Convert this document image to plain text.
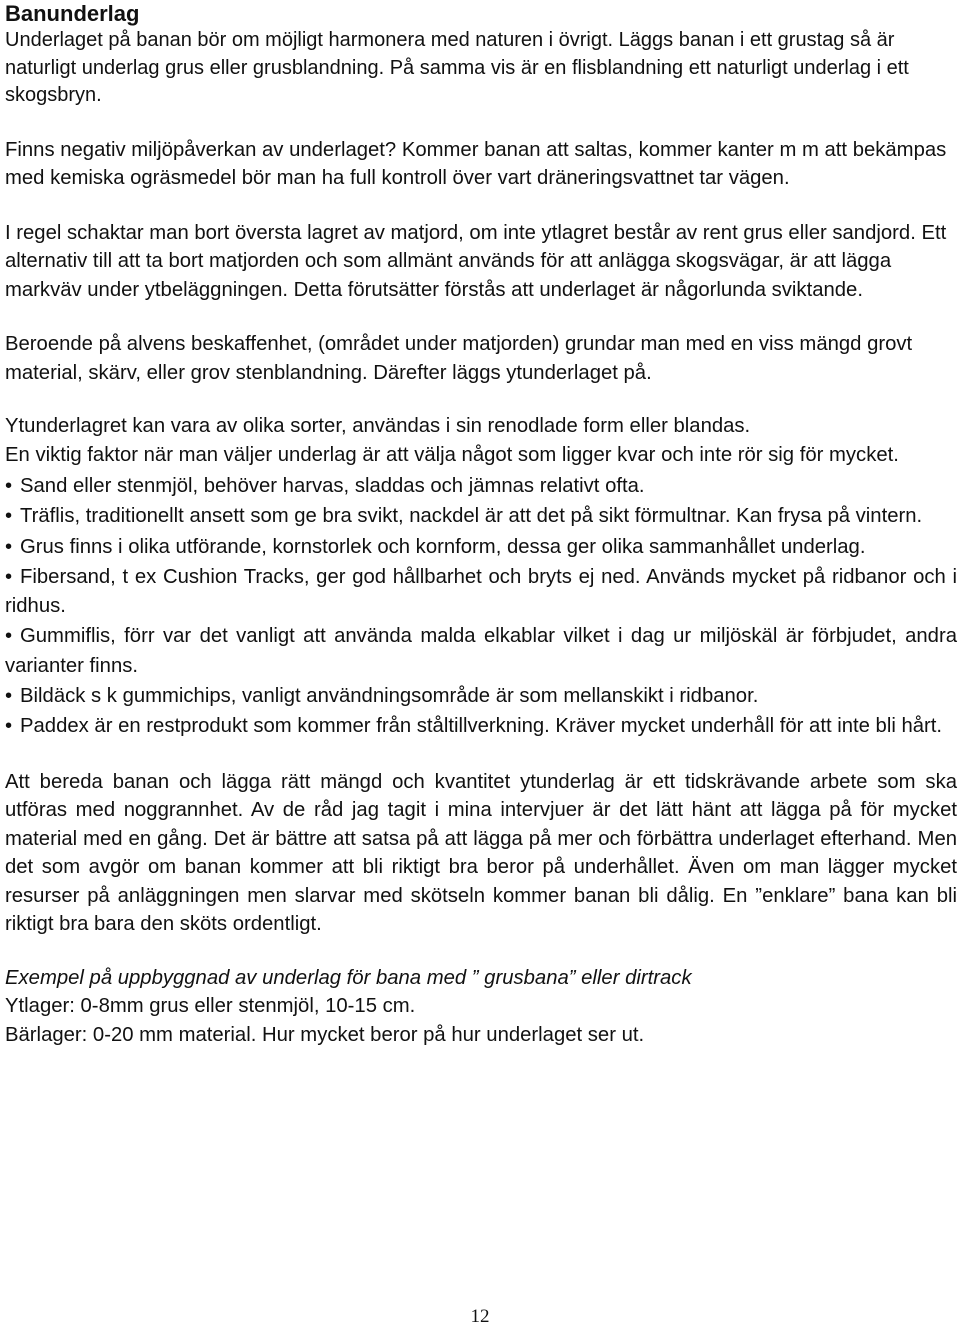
Banunderlag

Underlaget på banan bör om möjligt harmonera med naturen i övrigt. Läggs banan i ett grustag så är naturligt underlag grus eller grusblandning. På samma vis är en flisblandning ett naturligt underlag i ett skogsbryn.

Finns negativ miljöpåverkan av underlaget? Kommer banan att saltas, kommer kanter m m att bekämpas med kemiska ogräsmedel bör man ha full kontroll över vart dräneringsvattnet tar vägen.

I regel schaktar man bort översta lagret av matjord, om inte ytlagret består av rent grus eller sandjord. Ett alternativ till att ta bort matjorden och som allmänt används för att anlägga skogsvägar, är att lägga markväv under ytbeläggningen. Detta förutsätter förstås att underlaget är någorlunda sviktande.

Beroende på alvens beskaffenhet, (området under matjorden) grundar man med en viss mängd grovt material, skärv, eller grov stenblandning. Därefter läggs ytunderlaget på.

Ytunderlagret kan vara av olika sorter, användas i sin renodlade form eller blandas.

En viktig faktor när man väljer underlag är att välja något som ligger kvar och inte rör sig för mycket.

• Sand eller stenmjöl, behöver harvas, sladdas och jämnas relativt ofta.
• Träflis, traditionellt ansett som ge bra svikt, nackdel är att det på sikt förmultnar. Kan frysa på vintern.
• Grus finns i olika utförande, kornstorlek och kornform, dessa ger olika sammanhållet underlag.
• Fibersand, t ex Cushion Tracks, ger god hållbarhet och bryts ej ned. Används mycket på ridbanor och i ridhus.
• Gummiflis, förr var det vanligt att använda malda elkablar vilket i dag ur miljöskäl är förbjudet, andra varianter finns.
• Bildäck s k gummichips, vanligt användningsområde är som mellanskikt i ridbanor.
• Paddex är en restprodukt som kommer från ståltillverkning. Kräver mycket underhåll för att inte bli hårt.

Att bereda banan och lägga rätt mängd och kvantitet ytunderlag är ett tidskrävande arbete som ska utföras med noggrannhet. Av de råd jag tagit i mina intervjuer är det lätt hänt att lägga på för mycket material med en gång. Det är bättre att satsa på att lägga på mer och förbättra underlaget efterhand. Men det som avgör om banan kommer att bli riktigt bra beror på underhållet. Även om man lägger mycket resurser på anläggningen men slarvar med skötseln kommer banan bli dålig. En ”enklare” bana kan bli riktigt bra bara den sköts ordentligt.

Exempel på uppbyggnad av underlag för bana med ” grusbana” eller dirtrack

Ytlager: 0-8mm grus eller stenmjöl, 10-15 cm.

Bärlager: 0-20 mm material. Hur mycket beror på hur underlaget ser ut.

12
